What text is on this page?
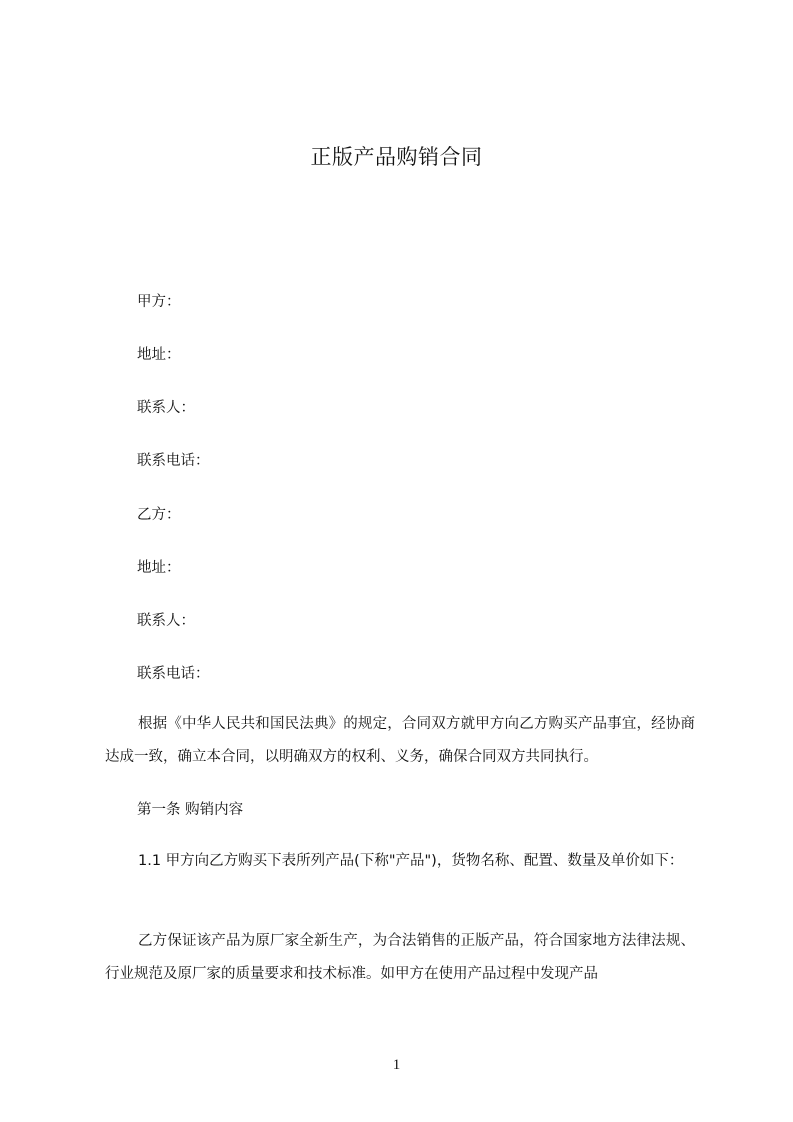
正版产品购销合同
甲方：
地址：
联系人：
联系电话：
乙方：
地址：
联系人：
联系电话：

根据《中华人民共和国民法典》的规定，合同双方就甲方向乙方购买产品事宜，经协商达成一致，确立本合同，以明确双方的权利、义务，确保合同双方共同执行。

第一条 购销内容

1.1 甲方向乙方购买下表所列产品(下称"产品")，货物名称、配置、数量及单价如下：

乙方保证该产品为原厂家全新生产，为合法销售的正版产品，符合国家地方法律法规、行业规范及原厂家的质量要求和技术标准。如甲方在使用产品过程中发现产品

1
